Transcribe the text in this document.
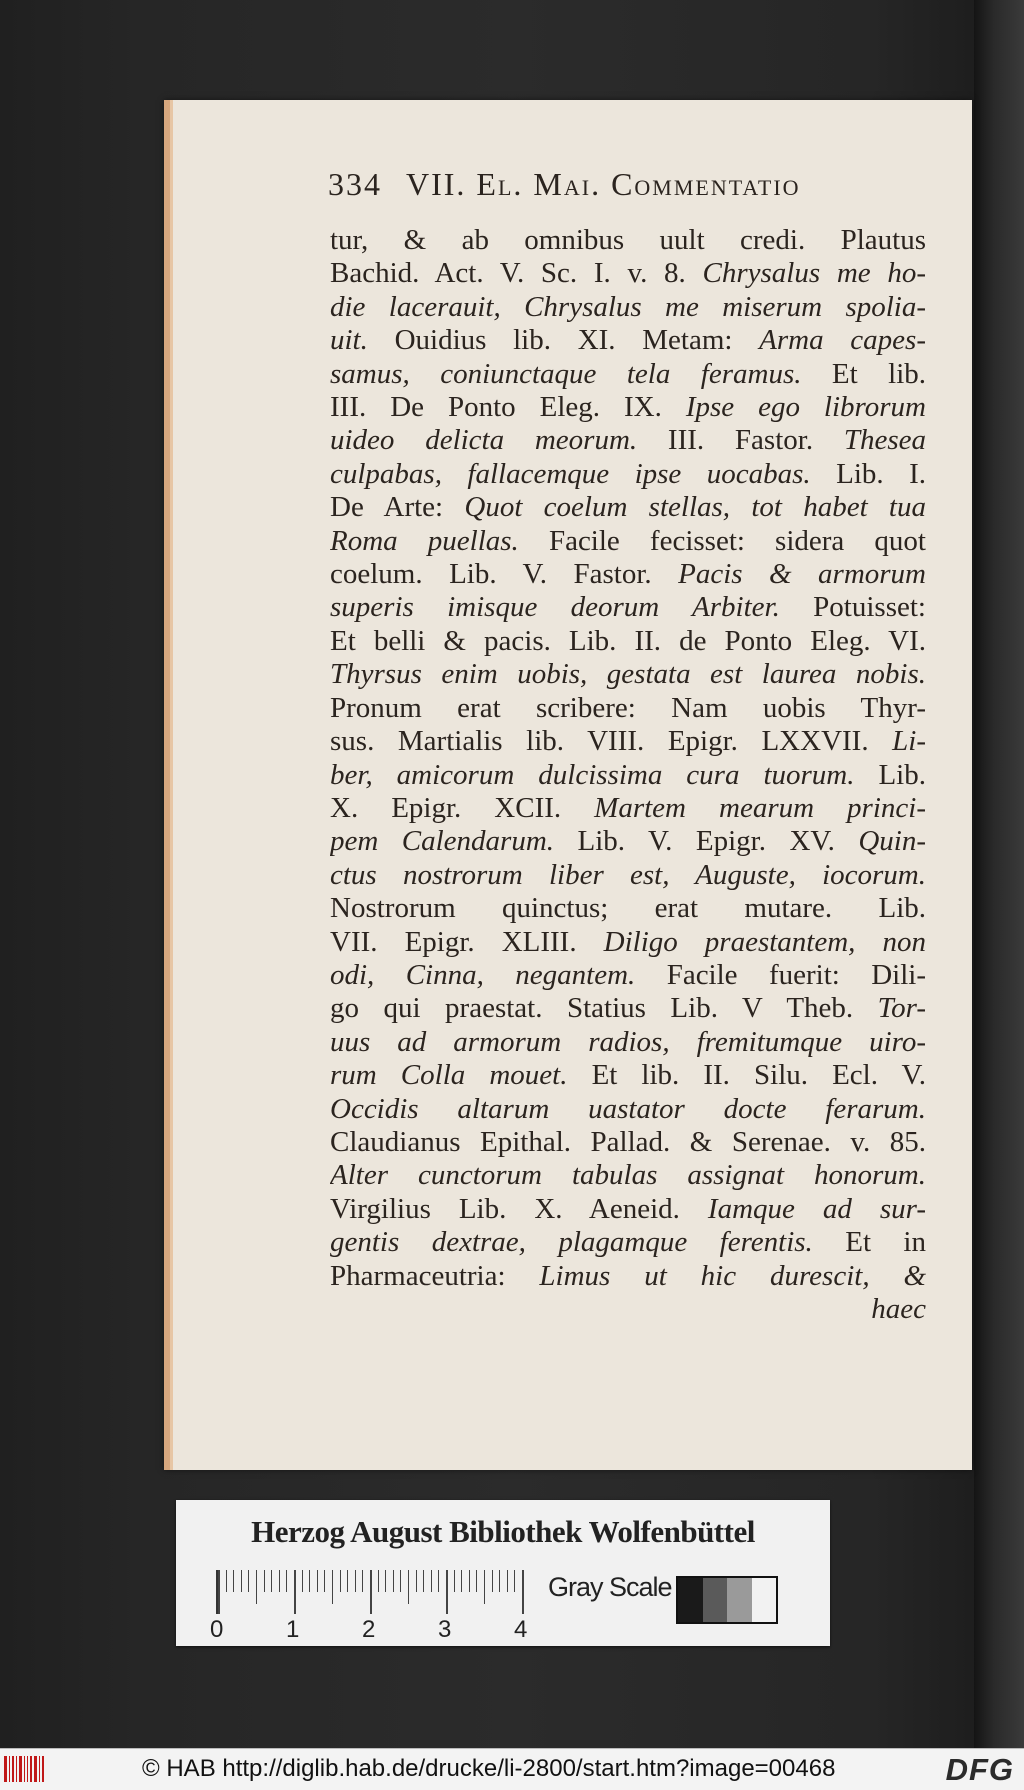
334 VII. El. Mai. Commentatio
tur, & ab omnibus uult credi. Plautus
Bachid. Act. V. Sc. I. v. 8. Chrysalus me ho-
die lacerauit, Chrysalus me miserum spolia-
uit. Ouidius lib. XI. Metam: Arma capes-
samus, coniunctaque tela feramus. Et lib.
III. De Ponto Eleg. IX. Ipse ego librorum
uideo delicta meorum. III. Fastor. Thesea
culpabas, fallacemque ipse uocabas. Lib. I.
De Arte: Quot coelum stellas, tot habet tua
Roma puellas. Facile fecisset: sidera quot
coelum. Lib. V. Fastor. Pacis & armorum
superis imisque deorum Arbiter. Potuisset:
Et belli & pacis. Lib. II. de Ponto Eleg. VI.
Thyrsus enim uobis, gestata est laurea nobis.
Pronum erat scribere: Nam uobis Thyr-
sus. Martialis lib. VIII. Epigr. LXXVII. Li-
ber, amicorum dulcissima cura tuorum. Lib.
X. Epigr. XCII. Martem mearum princi-
pem Calendarum. Lib. V. Epigr. XV. Quin-
ctus nostrorum liber est, Auguste, iocorum.
Nostrorum quinctus; erat mutare. Lib.
VII. Epigr. XLIII. Diligo praestantem, non
odi, Cinna, negantem. Facile fuerit: Dili-
go qui praestat. Statius Lib. V Theb. Tor-
uus ad armorum radios, fremitumque uiro-
rum Colla mouet. Et lib. II. Silu. Ecl. V.
Occidis altarum uastator docte ferarum.
Claudianus Epithal. Pallad. & Serenae. v. 85.
Alter cunctorum tabulas assignat honorum.
Virgilius Lib. X. Aeneid. Iamque ad sur-
gentis dextrae, plagamque ferentis. Et in
Pharmaceutria: Limus ut hic durescit, &
haec
Herzog August Bibliothek Wolfenbüttel
0	1	2	3	4
Gray Scale
© HAB http://diglib.hab.de/drucke/li-2800/start.htm?image=00468	DFG
